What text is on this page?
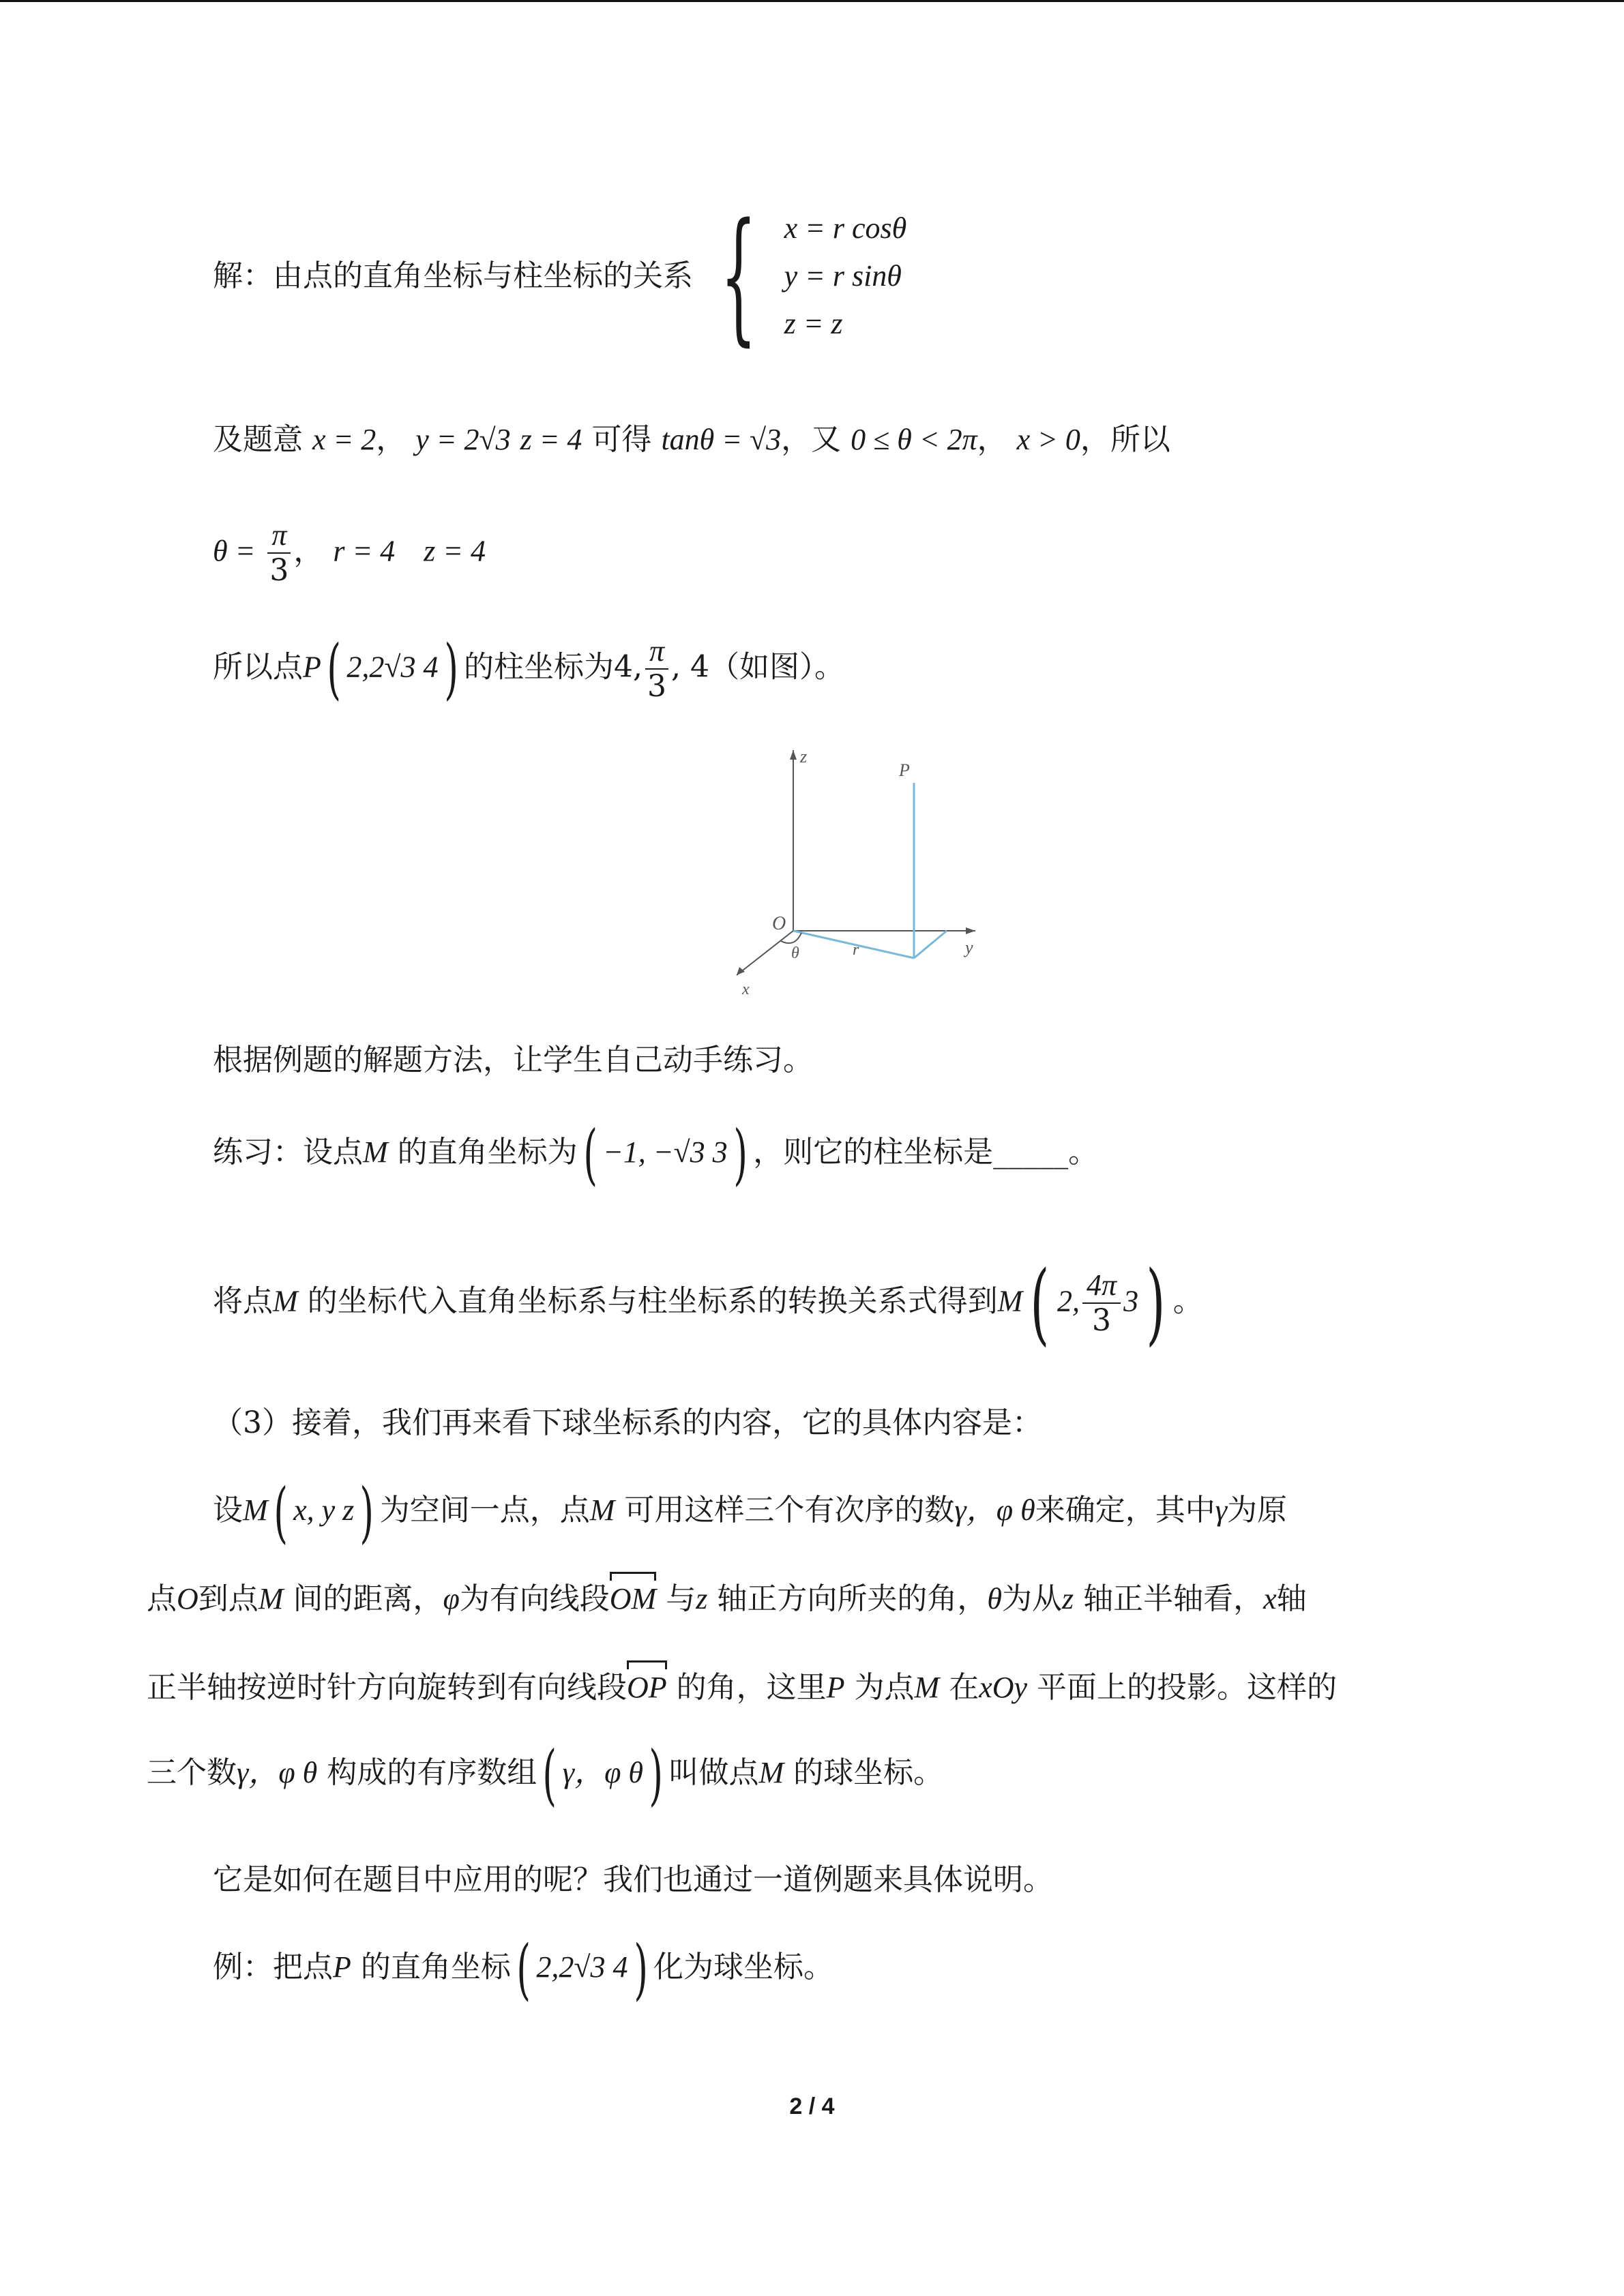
解：由点的直角坐标与柱坐标的关系 { x = r cosθ
y = r sinθ
z = z
及题意 x = 2， y = 2√3 z = 4 可得 tanθ = √3，又 0 ≤ θ < 2π， x > 0，所以
$\theta = \frac{\pi}{3}$ ， r = 4 z = 4
所以点P( 2,2√3 4) 的柱坐标为4, $\frac{\pi}{3}$ , 4（如图）。
z
P
O
y
x
θ	r
根据例题的解题方法，让学生自己动手练习。
练习：设点M 的直角坐标为( −1, −√3 3) ，则它的柱坐标是_____。
将点M 的坐标代入直角坐标系与柱坐标系的转换关系式得到M( 2, $\frac{4\pi}{3} 3$) 。
（3）接着，我们再来看下球坐标系的内容，它的具体内容是：
设M( x, y z) 为空间一点，点M 可用这样三个有次序的数γ，φ θ来确定，其中γ为原
点O到点M 间的距离，φ为有向线段OM 与z 轴正方向所夹的角，θ为从z 轴正半轴看，x轴
正半轴按逆时针方向旋转到有向线段OP 的角，这里P 为点M 在xOy 平面上的投影。这样的
三个数γ，φ θ 构成的有序数组( γ，φ θ) 叫做点M 的球坐标。
它是如何在题目中应用的呢？我们也通过一道例题来具体说明。
例：把点P 的直角坐标( 2,2√3 4) 化为球坐标。
2 / 4
